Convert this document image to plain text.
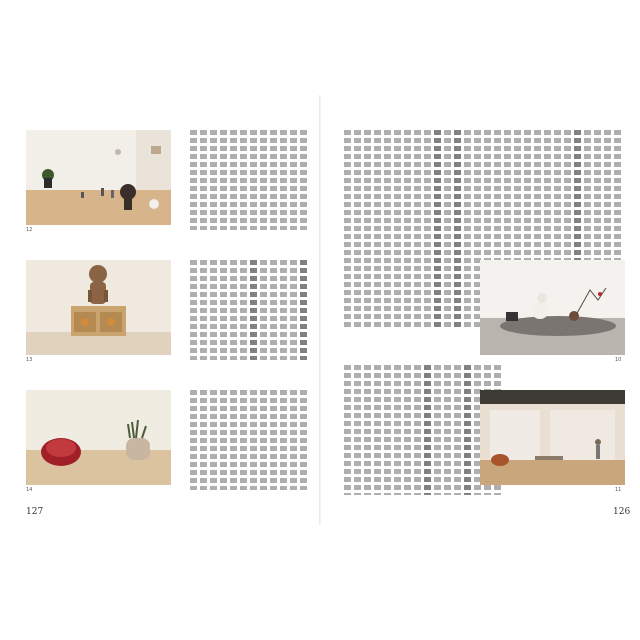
12
13
14
127
10
11
126
